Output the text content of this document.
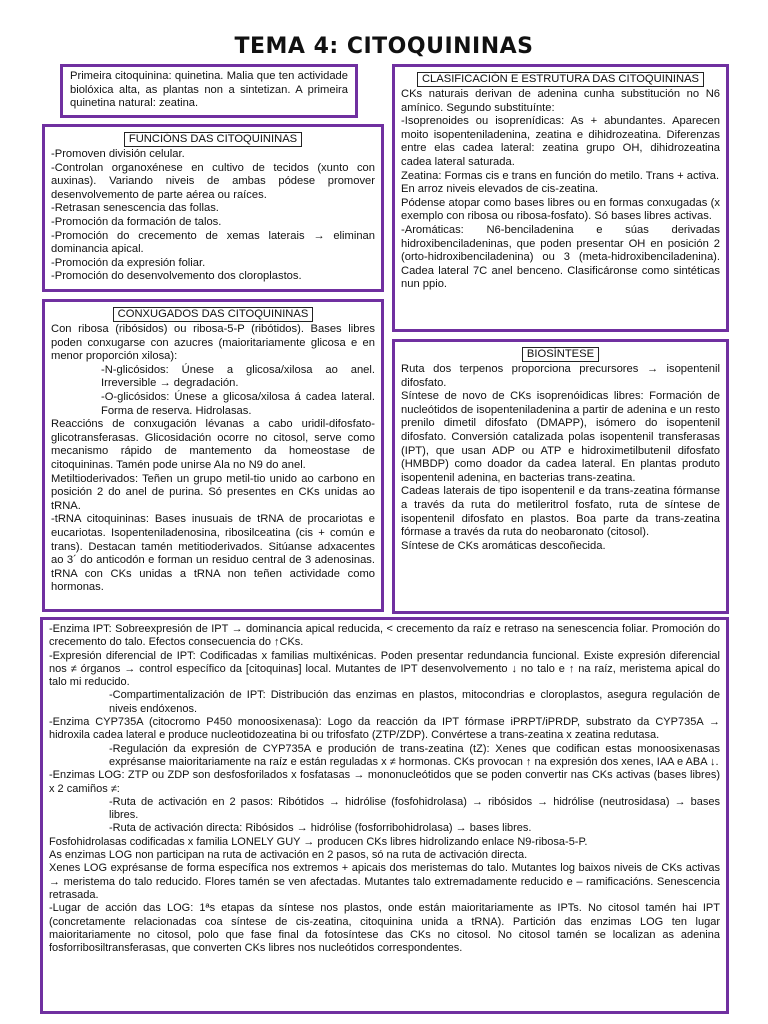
TEMA 4: CITOQUININAS

Primeira citoquinina: quinetina. Malia que ten actividade biolóxica alta, as plantas non a sintetizan. A primeira quinetina natural: zeatina.

FUNCIÓNS DAS CITOQUININAS

-Promoven división celular.

-Controlan organoxénese en cultivo de tecidos (xunto con auxinas). Variando niveis de ambas pódese promover desenvolvemento de parte aérea ou raíces.

-Retrasan senescencia das follas.

-Promoción da formación de talos.

-Promoción do crecemento de xemas laterais → eliminan dominancia apical.

-Promoción da expresión foliar.

-Promoción do desenvolvemento dos cloroplastos.

CONXUGADOS DAS CITOQUININAS

Con ribosa (ribósidos) ou ribosa-5-P (ribótidos). Bases libres poden conxugarse con azucres (maioritariamente glicosa e en menor proporción xilosa):

-N-glicósidos: Únese a glicosa/xilosa ao anel. Irreversible → degradación.

-O-glicósidos: Únese a glicosa/xilosa á cadea lateral. Forma de reserva. Hidrolasas.

Reaccións de conxugación lévanas a cabo uridil-difosfato-glicotransferasas. Glicosidación ocorre no citosol, serve como mecanismo rápido de mantemento da homeostase de citoquininas. Tamén pode unirse Ala no N9 do anel.

Metiltioderivados: Teñen un grupo metil-tio unido ao carbono en posición 2 do anel de purina. Só presentes en CKs unidas ao tRNA.

-tRNA citoquininas: Bases inusuais de tRNA de procariotas e eucariotas. Isopenteniladenosina, ribosilceatina (cis + común e trans). Destacan tamén metitioderivados. Sitúanse adxacentes ao 3´ do anticodón e forman un residuo central de 3 adenosinas. tRNA con CKs unidas a tRNA non teñen actividade como hormonas.

CLASIFICACIÓN E ESTRUTURA DAS CITOQUININAS

CKs naturais derivan de adenina cunha substitución no N6 amínico. Segundo substituínte:

-Isoprenoides ou isoprenídicas: As + abundantes. Aparecen moito isopenteniladenina, zeatina e dihidrozeatina. Diferenzas entre elas cadea lateral: zeatina grupo OH, dihidrozeatina cadea lateral saturada.

Zeatina: Formas cis e trans en función do metilo. Trans + activa.

En arroz niveis elevados de cis-zeatina.

Pódense atopar como bases libres ou en formas conxugadas (x exemplo con ribosa ou ribosa-fosfato). Só bases libres activas.

-Aromáticas: N6-benciladenina e súas derivadas hidroxibenciladeninas, que poden presentar OH en posición 2 (orto-hidroxibenciladenina) ou 3 (meta-hidroxibenciladenina). Cadea lateral 7C anel benceno. Clasificáronse como sintéticas nun ppio.

BIOSÍNTESE

Ruta dos terpenos proporciona precursores → isopentenil difosfato.

Síntese de novo de CKs isoprenóidicas libres: Formación de nucleótidos de isopenteniladenina a partir de adenina e un resto prenilo dimetil difosfato (DMAPP), isómero do isopentenil difosfato. Conversión catalizada polas isopentenil transferasas (IPT), que usan ADP ou ATP e hidroximetilbutenil difosfato (HMBDP) como doador da cadea lateral. En plantas produto isopentenil adenina, en bacterias trans-zeatina.

Cadeas laterais de tipo isopentenil e da trans-zeatina fórmanse a través da ruta do metileritrol fosfato, ruta de síntese de isopentenil difosfato en plastos. Boa parte da trans-zeatina fórmase a través da ruta do neobaronato (citosol).

Síntese de CKs aromáticas descoñecida.

-Enzima IPT: Sobreexpresión de IPT → dominancia apical reducida, < crecemento da raíz e retraso na senescencia foliar. Promoción do crecemento do talo. Efectos consecuencia do ↑CKs.

-Expresión diferencial de IPT: Codificadas x familias multixénicas. Poden presentar redundancia funcional. Existe expresión diferencial nos ≠ órganos → control específico da [citoquinas] local. Mutantes de IPT desenvolvemento ↓ no talo e ↑ na raíz, meristema apical do talo mi reducido.

-Compartimentalización de IPT: Distribución das enzimas en plastos, mitocondrias e cloroplastos, asegura regulación de niveis endóxenos.

-Enzima CYP735A (citocromo P450 monoosixenasa): Logo da reacción da IPT fórmase iPRPT/iPRDP, substrato da CYP735A → hidroxila cadea lateral e produce nucleotidozeatina bi ou trifosfato (ZTP/ZDP). Convértese a trans-zeatina x zeatina redutasa.

-Regulación da expresión de CYP735A e produción de trans-zeatina (tZ): Xenes que codifican estas monoosixenasas exprésanse maioritariamente na raíz e están reguladas x ≠ hormonas. CKs provocan ↑ na expresión dos xenes, IAA e ABA ↓.

-Enzimas LOG: ZTP ou ZDP son desfosforilados x fosfatasas → mononucleótidos que se poden convertir nas CKs activas (bases libres) x 2 camiños ≠:

-Ruta de activación en 2 pasos: Ribótidos → hidrólise (fosfohidrolasa) → ribósidos → hidrólise (neutrosidasa) → bases libres.

-Ruta de activación directa: Ribósidos → hidrólise (fosforribohidrolasa) → bases libres.

Fosfohidrolasas codificadas x familia LONELY GUY → producen CKs libres hidrolizando enlace N9-ribosa-5-P.

As enzimas LOG non participan na ruta de activación en 2 pasos, só na ruta de activación directa.

Xenes LOG exprésanse de forma específica nos extremos + apicais dos meristemas do talo. Mutantes log baixos niveis de CKs activas → meristema do talo reducido. Flores tamén se ven afectadas. Mutantes talo extremadamente reducido e – ramificacións. Senescencia retrasada.

-Lugar de acción das LOG: 1ªs etapas da síntese nos plastos, onde están maioritariamente as IPTs. No citosol tamén hai IPT (concretamente relacionadas coa síntese de cis-zeatina, citoquinina unida a tRNA). Partición das enzimas LOG ten lugar maioritariamente no citosol, polo que fase final da fotosíntese das CKs no citosol. No citosol tamén se localizan as adenina fosforribosiltransferasas, que converten CKs libres nos nucleótidos correspondentes.
